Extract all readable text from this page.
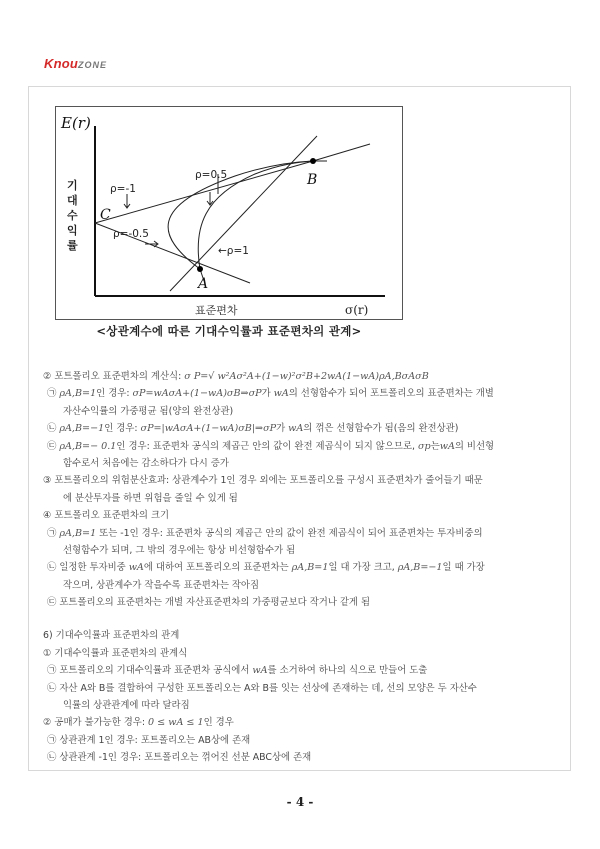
Knou ZONE
E(r)
기
대
수
익
률
표준편차	σ(r)
ρ=-1
ρ=-0.5
ρ=0.5
←ρ=1
A
B
C
<상관계수에 따른 기대수익률과 표준편차의 관계>
② 포트폴리오 표준편차의 계산식: σ P=√ w²Aσ²A+(1−w)²σ²B+2wA(1−wA)ρA,BσAσB
㉠ ρA,B=1인 경우: σP=wAσA+(1−wA)σB⇒σP가 wA의 선형함수가 되어 포트폴리오의 표준편차는 개별
자산수익률의 가중평균 됨(양의 완전상관)
㉡ ρA,B=−1인 경우: σP=|wAσA+(1−wA)σB|⇒σP가 wA의 꺾은 선형함수가 됨(음의 완전상관)
㉢ ρA,B=− 0.1인 경우: 표준편차 공식의 제곱근 안의 값이 완전 제곱식이 되지 않으므로, σp는wA의 비선형
함수로서 처음에는 감소하다가 다시 증가
③ 포트폴리오의 위험분산효과: 상관계수가 1인 경우 외에는 포트폴리오를 구성시 표준편차가 줄어들기 때문
에 분산투자를 하면 위험을 줄일 수 있게 됨
④ 포트폴리오 표준편차의 크기
㉠ ρA,B=1 또는 -1인 경우: 표준편차 공식의 제곱근 안의 값이 완전 제곱식이 되어 표준편차는 투자비중의
선형함수가 되며, 그 밖의 경우에는 항상 비선형함수가 됨
㉡ 일정한 투자비중 wA에 대하여 포트폴리오의 표준편차는 ρA,B=1일 대 가장 크고, ρA,B=−1일 때 가장
작으며, 상관계수가 작을수록 표준편차는 작아짐
㉢ 포트폴리오의 표준편차는 개별 자산표준편차의 가중평균보다 작거나 같게 됨
6) 기대수익률과 표준편차의 관계
① 기대수익률과 표준편차의 관계식
㉠ 포트폴리오의 기대수익률과 표준편차 공식에서 wA를 소거하여 하나의 식으로 만들어 도출
㉡ 자산 A와 B를 결합하여 구성한 포트폴리오는 A와 B를 잇는 선상에 존재하는 데, 선의 모양은 두 자산수
익률의 상관관계에 따라 달라짐
② 공매가 불가능한 경우: 0 ≤ wA ≤ 1인 경우
㉠ 상관관계 1인 경우: 포트폴리오는 AB상에 존재
㉡ 상관관계 -1인 경우: 포트폴리오는 꺾어진 선분 ABC상에 존재
- 4 -
